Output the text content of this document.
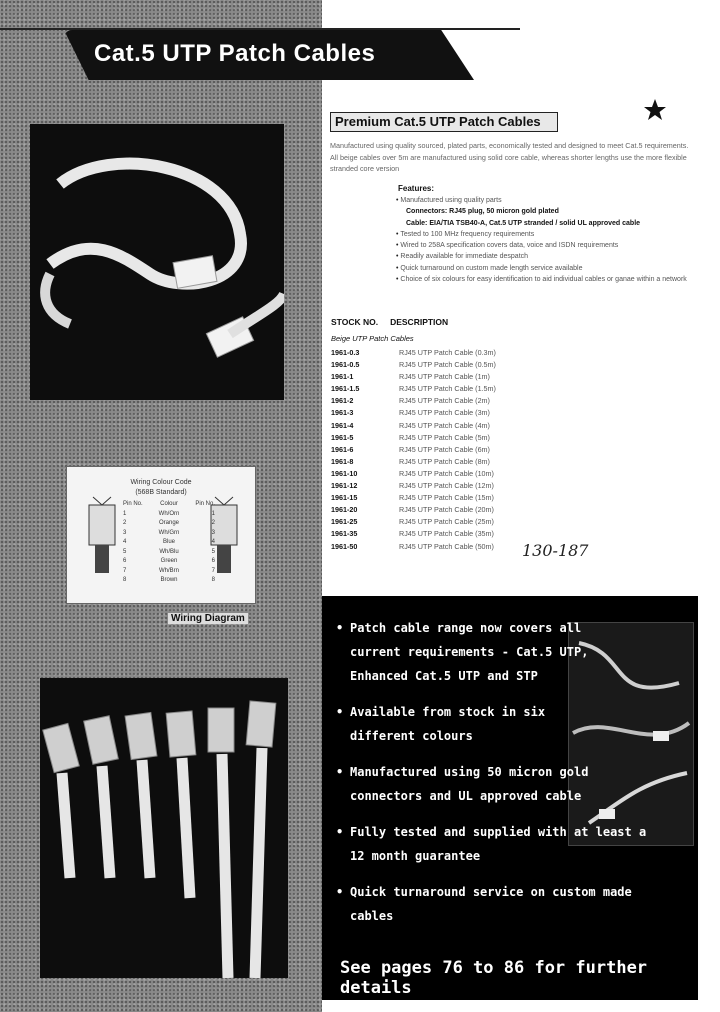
Cat.5 UTP Patch Cables
Wiring Colour Code
(568B Standard)
Pin No.	Colour	Pin No.
1	Wh/Orn	1
2	Orange	2
3	Wh/Grn	3
4	Blue	4
5	Wh/Blu	5
6	Green	6
7	Wh/Brn	7
8	Brown	8
Wiring Diagram
Premium Cat.5 UTP Patch Cables
Manufactured using quality sourced, plated parts, economically tested and designed to meet Cat.5 requirements. All beige cables over 5m are manufactured using solid core cable, whereas shorter lengths use the more flexible stranded core version
Features:
• Manufactured using quality parts
Connectors: RJ45 plug, 50 micron gold plated
Cable: EIA/TIA TSB40-A, Cat.5 UTP stranded / solid UL approved cable
• Tested to 100 MHz frequency requirements
• Wired to 258A specification covers data, voice and ISDN requirements
• Readily available for immediate despatch
• Quick turnaround on custom made length service available
• Choice of six colours for easy identification to aid individual cables or ganae within a network
STOCK NO. DESCRIPTION
Beige UTP Patch Cables
1961-0.3	RJ45 UTP Patch Cable (0.3m)
1961-0.5	RJ45 UTP Patch Cable (0.5m)
1961-1	RJ45 UTP Patch Cable (1m)
1961-1.5	RJ45 UTP Patch Cable (1.5m)
1961-2	RJ45 UTP Patch Cable (2m)
1961-3	RJ45 UTP Patch Cable (3m)
1961-4	RJ45 UTP Patch Cable (4m)
1961-5	RJ45 UTP Patch Cable (5m)
1961-6	RJ45 UTP Patch Cable (6m)
1961-8	RJ45 UTP Patch Cable (8m)
1961-10	RJ45 UTP Patch Cable (10m)
1961-12	RJ45 UTP Patch Cable (12m)
1961-15	RJ45 UTP Patch Cable (15m)
1961-20	RJ45 UTP Patch Cable (20m)
1961-25	RJ45 UTP Patch Cable (25m)
1961-35	RJ45 UTP Patch Cable (35m)
1961-50	RJ45 UTP Patch Cable (50m) 130-187
• Patch cable range now covers all current requirements - Cat.5 UTP, Enhanced Cat.5 UTP and STP
• Available from stock in six different colours
• Manufactured using 50 micron gold connectors and UL approved cable
• Fully tested and supplied with at least a 12 month guarantee
• Quick turnaround service on custom made cables
See pages 76 to 86 for further details
